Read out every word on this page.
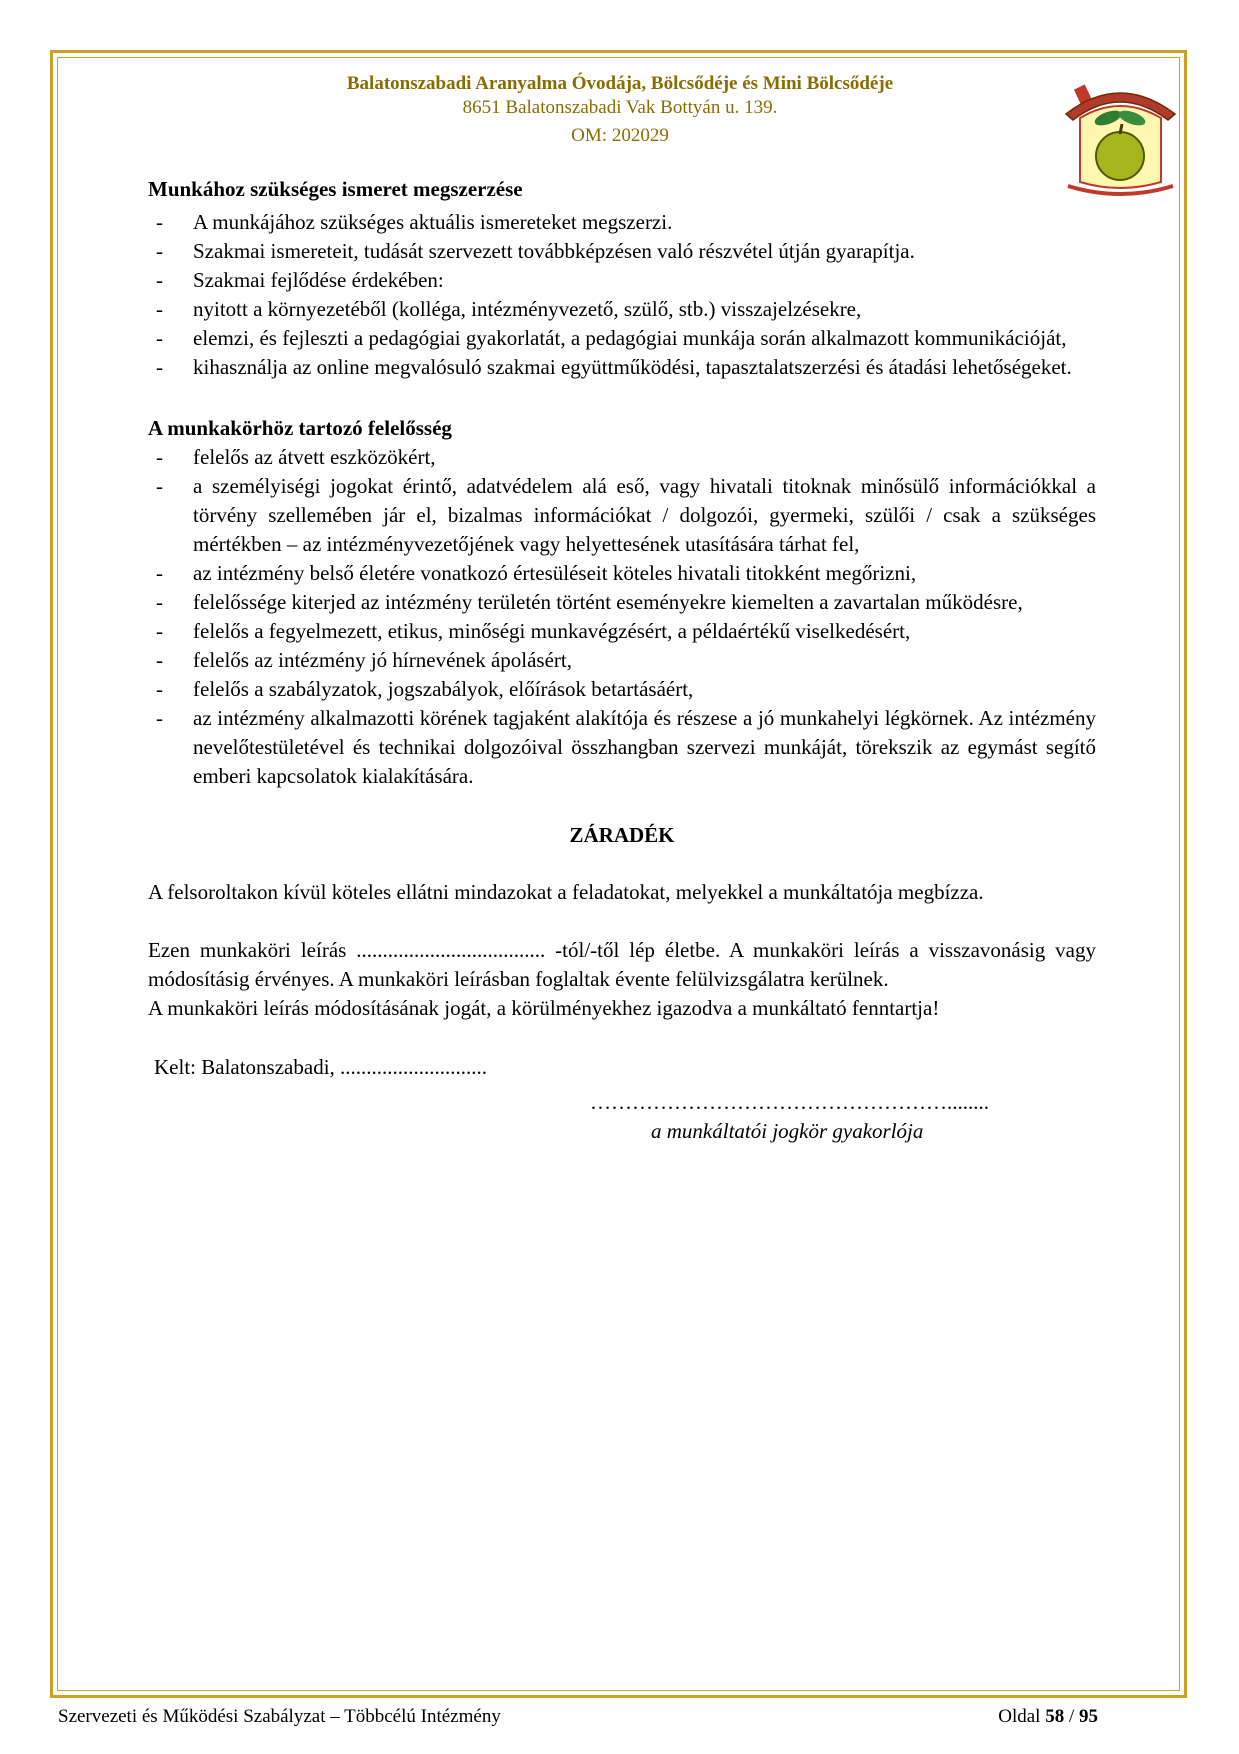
Balatonszabadi Aranyalma Óvodája, Bölcsődéje és Mini Bölcsődéje
8651 Balatonszabadi Vak Bottyán u. 139.
OM: 202029

Munkához szükséges ismeret megszerzése

- A munkájához szükséges aktuális ismereteket megszerzi.
- Szakmai ismereteit, tudását szervezett továbbképzésen való részvétel útján gyarapítja.
- Szakmai fejlődése érdekében:
- nyitott a környezetéből (kolléga, intézményvezető, szülő, stb.) visszajelzésekre,
- elemzi, és fejleszti a pedagógiai gyakorlatát, a pedagógiai munkája során alkalmazott kommunikációját,
- kihasználja az online megvalósuló szakmai együttműködési, tapasztalatszerzési és átadási lehetőségeket.

A munkakörhöz tartozó felelősség

- felelős az átvett eszközökért,
- a személyiségi jogokat érintő, adatvédelem alá eső, vagy hivatali titoknak minősülő információkkal a törvény szellemében jár el, bizalmas információkat / dolgozói, gyermeki, szülői / csak a szükséges mértékben – az intézményvezetőjének vagy helyettesének utasítására tárhat fel,
- az intézmény belső életére vonatkozó értesüléseit köteles hivatali titokként megőrizni,
- felelőssége kiterjed az intézmény területén történt eseményekre kiemelten a zavartalan működésre,
- felelős a fegyelmezett, etikus, minőségi munkavégzésért, a példaértékű viselkedésért,
- felelős az intézmény jó hírnevének ápolásért,
- felelős a szabályzatok, jogszabályok, előírások betartásáért,
- az intézmény alkalmazotti körének tagjaként alakítója és részese a jó munkahelyi légkörnek. Az intézmény nevelőtestületével és technikai dolgozóival összhangban szervezi munkáját, törekszik az egymást segítő emberi kapcsolatok kialakítására.
ZÁRADÉK

A felsoroltakon kívül köteles ellátni mindazokat a feladatokat, melyekkel a munkáltatója megbízza.

Ezen munkaköri leírás .................................... -tól/-től lép életbe. A munkaköri leírás a visszavonásig vagy módosításig érvényes. A munkaköri leírásban foglaltak évente felülvizsgálatra kerülnek.

A munkaköri leírás módosításának jogát, a körülményekhez igazodva a munkáltató fenntartja!

Kelt: Balatonszabadi, ............................
……………………………………………........
a munkáltatói jogkör gyakorlója
Szervezeti és Működési Szabályzat – Többcélú Intézmény	Oldal 58 / 95
